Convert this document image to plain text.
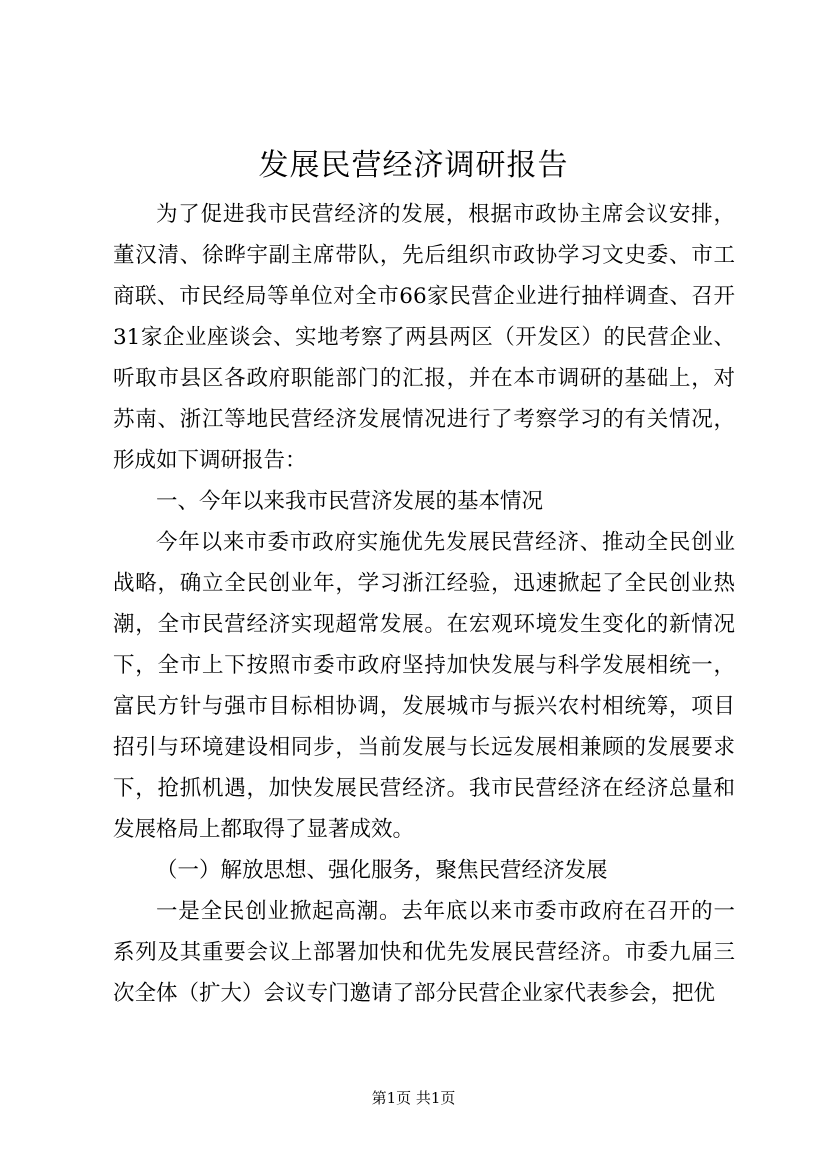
发展民营经济调研报告

为了促进我市民营经济的发展，根据市政协主席会议安排，董汉清、徐晔宇副主席带队，先后组织市政协学习文史委、市工商联、市民经局等单位对全市66家民营企业进行抽样调查、召开31家企业座谈会、实地考察了两县两区（开发区）的民营企业、听取市县区各政府职能部门的汇报，并在本市调研的基础上，对苏南、浙江等地民营经济发展情况进行了考察学习的有关情况，形成如下调研报告：

一、今年以来我市民营济发展的基本情况

今年以来市委市政府实施优先发展民营经济、推动全民创业战略，确立全民创业年，学习浙江经验，迅速掀起了全民创业热潮，全市民营经济实现超常发展。在宏观环境发生变化的新情况下，全市上下按照市委市政府坚持加快发展与科学发展相统一，富民方针与强市目标相协调，发展城市与振兴农村相统筹，项目招引与环境建设相同步，当前发展与长远发展相兼顾的发展要求下，抢抓机遇，加快发展民营经济。我市民营经济在经济总量和发展格局上都取得了显著成效。

（一）解放思想、强化服务，聚焦民营经济发展

一是全民创业掀起高潮。去年底以来市委市政府在召开的一系列及其重要会议上部署加快和优先发展民营经济。市委九届三次全体（扩大）会议专门邀请了部分民营企业家代表参会，把优

第1页 共1页
